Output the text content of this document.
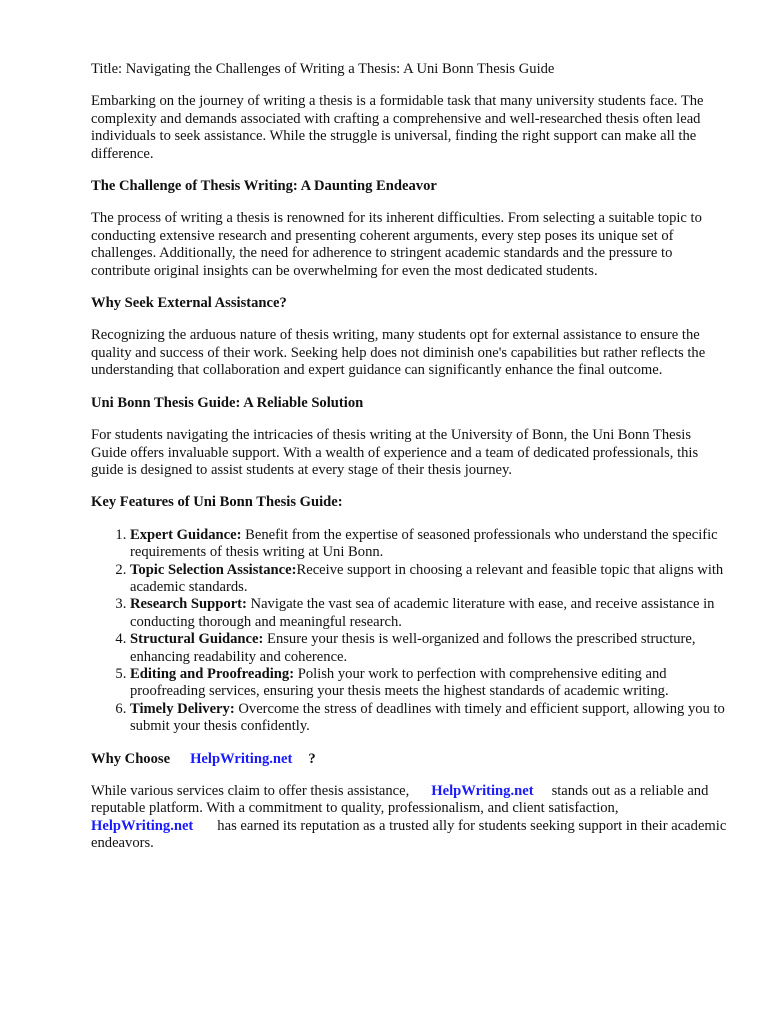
Title: Navigating the Challenges of Writing a Thesis: A Uni Bonn Thesis Guide

Embarking on the journey of writing a thesis is a formidable task that many university students face. The complexity and demands associated with crafting a comprehensive and well-researched thesis often lead individuals to seek assistance. While the struggle is universal, finding the right support can make all the difference.

The Challenge of Thesis Writing: A Daunting Endeavor

The process of writing a thesis is renowned for its inherent difficulties. From selecting a suitable topic to conducting extensive research and presenting coherent arguments, every step poses its unique set of challenges. Additionally, the need for adherence to stringent academic standards and the pressure to contribute original insights can be overwhelming for even the most dedicated students.

Why Seek External Assistance?

Recognizing the arduous nature of thesis writing, many students opt for external assistance to ensure the quality and success of their work. Seeking help does not diminish one's capabilities but rather reflects the understanding that collaboration and expert guidance can significantly enhance the final outcome.

Uni Bonn Thesis Guide: A Reliable Solution

For students navigating the intricacies of thesis writing at the University of Bonn, the Uni Bonn Thesis Guide offers invaluable support. With a wealth of experience and a team of dedicated professionals, this guide is designed to assist students at every stage of their thesis journey.

Key Features of Uni Bonn Thesis Guide:
1. Expert Guidance: Benefit from the expertise of seasoned professionals who understand the specific requirements of thesis writing at Uni Bonn.
2. Topic Selection Assistance:Receive support in choosing a relevant and feasible topic that aligns with academic standards.
3. Research Support: Navigate the vast sea of academic literature with ease, and receive assistance in conducting thorough and meaningful research.
4. Structural Guidance: Ensure your thesis is well-organized and follows the prescribed structure, enhancing readability and coherence.
5. Editing and Proofreading: Polish your work to perfection with comprehensive editing and proofreading services, ensuring your thesis meets the highest standards of academic writing.
6. Timely Delivery: Overcome the stress of deadlines with timely and efficient support, allowing you to submit your thesis confidently.
Why Choose HelpWriting.net ?

While various services claim to offer thesis assistance, HelpWriting.net stands out as a reliable and reputable platform. With a commitment to quality, professionalism, and client satisfaction,HelpWriting.net has earned its reputation as a trusted ally for students seeking support in their academic endeavors.
